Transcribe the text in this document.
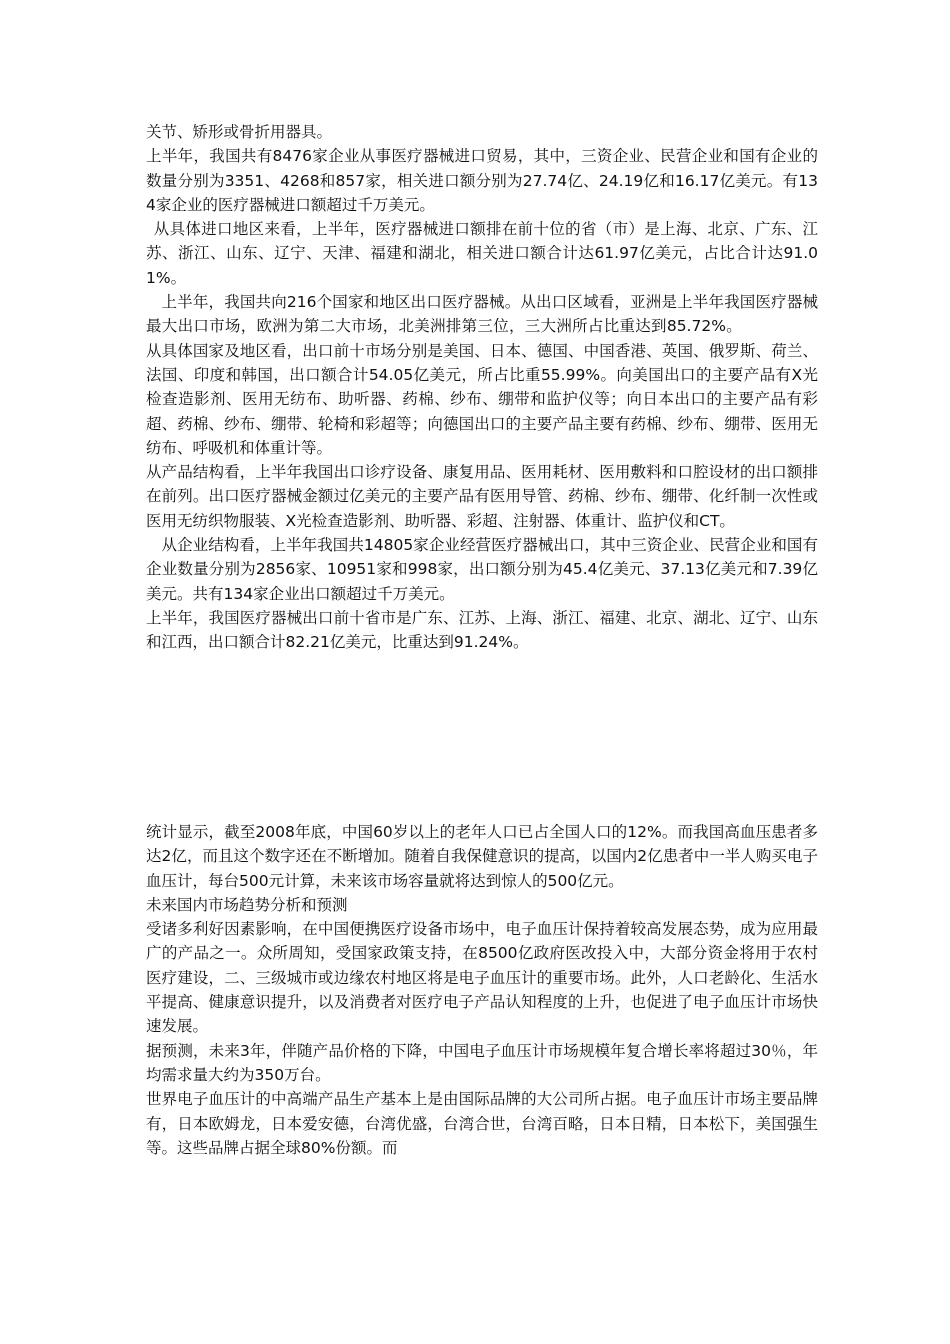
关节、矫形或骨折用器具。

上半年，我国共有8476家企业从事医疗器械进口贸易，其中，三资企业、民营企业和国有企业的数量分别为3351、4268和857家，相关进口额分别为27.74亿、24.19亿和16.17亿美元。有134家企业的医疗器械进口额超过千万美元。

从具体进口地区来看，上半年，医疗器械进口额排在前十位的省（市）是上海、北京、广东、江苏、浙江、山东、辽宁、天津、福建和湖北，相关进口额合计达61.97亿美元，占比合计达91.01%。

上半年，我国共向216个国家和地区出口医疗器械。从出口区域看，亚洲是上半年我国医疗器械最大出口市场，欧洲为第二大市场，北美洲排第三位，三大洲所占比重达到85.72%。从具体国家及地区看，出口前十市场分别是美国、日本、德国、中国香港、英国、俄罗斯、荷兰、法国、印度和韩国，出口额合计54.05亿美元，所占比重55.99%。向美国出口的主要产品有X光检查造影剂、医用无纺布、助听器、药棉、纱布、绷带和监护仪等；向日本出口的主要产品有彩超、药棉、纱布、绷带、轮椅和彩超等；向德国出口的主要产品主要有药棉、纱布、绷带、医用无纺布、呼吸机和体重计等。

从产品结构看，上半年我国出口诊疗设备、康复用品、医用耗材、医用敷料和口腔设材的出口额排在前列。出口医疗器械金额过亿美元的主要产品有医用导管、药棉、纱布、绷带、化纤制一次性或医用无纺织物服装、X光检查造影剂、助听器、彩超、注射器、体重计、监护仪和CT。

从企业结构看，上半年我国共14805家企业经营医疗器械出口，其中三资企业、民营企业和国有企业数量分别为2856家、10951家和998家，出口额分别为45.4亿美元、37.13亿美元和7.39亿美元。共有134家企业出口额超过千万美元。

上半年，我国医疗器械出口前十省市是广东、江苏、上海、浙江、福建、北京、湖北、辽宁、山东和江西，出口额合计82.21亿美元，比重达到91.24%。

统计显示，截至2008年底，中国60岁以上的老年人口已占全国人口的12%。而我国高血压患者多达2亿，而且这个数字还在不断增加。随着自我保健意识的提高，以国内2亿患者中一半人购买电子血压计，每台500元计算，未来该市场容量就将达到惊人的500亿元。

未来国内市场趋势分析和预测

受诸多利好因素影响，在中国便携医疗设备市场中，电子血压计保持着较高发展态势，成为应用最广的产品之一。众所周知，受国家政策支持，在8500亿政府医改投入中，大部分资金将用于农村医疗建设，二、三级城市或边缘农村地区将是电子血压计的重要市场。此外，人口老龄化、生活水平提高、健康意识提升，以及消费者对医疗电子产品认知程度的上升，也促进了电子血压计市场快速发展。

据预测，未来3年，伴随产品价格的下降，中国电子血压计市场规模年复合增长率将超过30％，年均需求量大约为350万台。

世界电子血压计的中高端产品生产基本上是由国际品牌的大公司所占据。电子血压计市场主要品牌有，日本欧姆龙，日本爱安德，台湾优盛，台湾合世，台湾百略，日本日精，日本松下，美国强生等。这些品牌占据全球80%份额。而
